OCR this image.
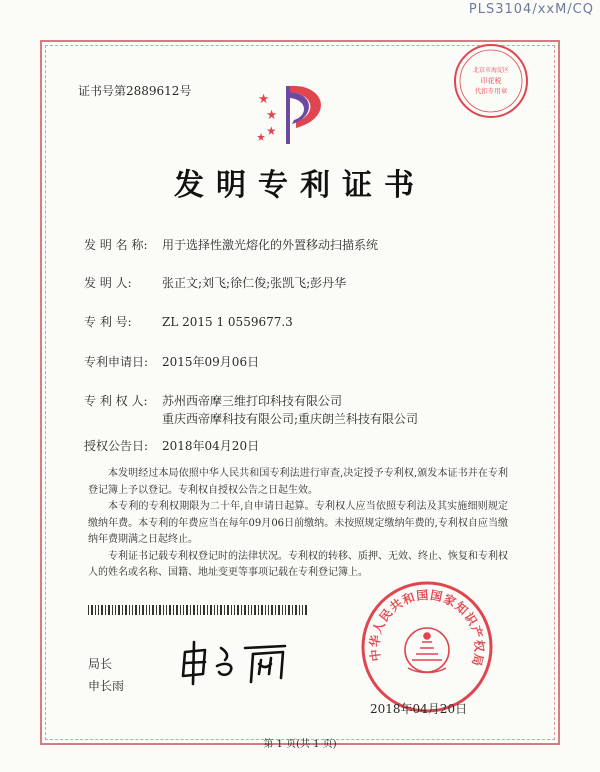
PLS3104/xxM/CQ
证书号第2889612号
发明专利证书
发 明 名 称: 用于选择性激光熔化的外置移动扫描系统
发 明 人:	张正文;刘飞;徐仁俊;张凯飞;彭丹华
专 利 号:	ZL 2015 1 0559677.3
专利申请日: 2015年09月06日
专 利 权 人: 苏州西帝摩三维打印科技有限公司
重庆西帝摩科技有限公司;重庆朗兰科技有限公司
授权公告日: 2018年04月20日

本发明经过本局依照中华人民共和国专利法进行审查,决定授予专利权,颁发本证书并在专利登记簿上予以登记。专利权自授权公告之日起生效。

本专利的专利权期限为二十年,自申请日起算。专利权人应当依照专利法及其实施细则规定缴纳年费。本专利的年费应当在每年09月06日前缴纳。未按照规定缴纳年费的,专利权自应当缴纳年费期满之日起终止。

专利证书记载专利权登记时的法律状况。专利权的转移、质押、无效、终止、恢复和专利权人的姓名或名称、国籍、地址变更等事项记载在专利登记簿上。

局长
申长雨
北京市海淀区
印花税
代扣专用章
中华人民共和国国家知识产权局
2018年04月20日
第 1 页(共 1 页)
